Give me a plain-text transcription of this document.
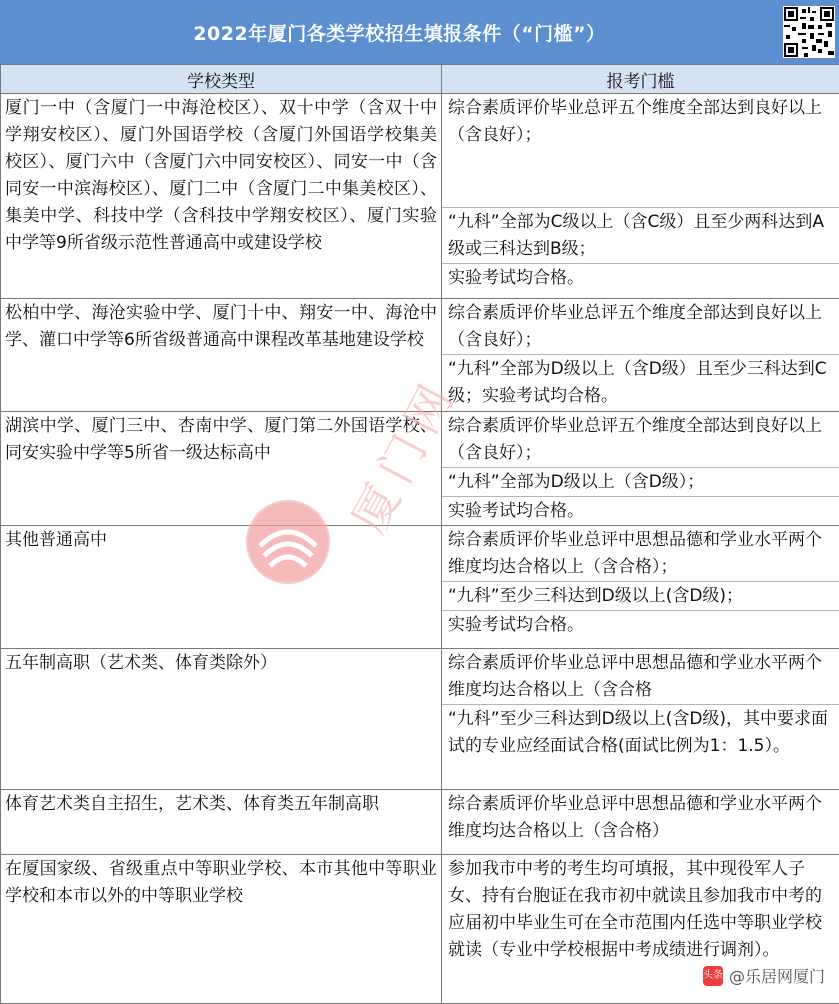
2022年厦门各类学校招生填报条件（“门槛”）
学校类型	报考门槛

厦门一中（含厦门一中海沧校区）、双十中学（含双十中学翔安校区）、厦门外国语学校（含厦门外国语学校集美校区）、厦门六中（含厦门六中同安校区）、同安一中（含同安一中滨海校区）、厦门二中（含厦门二中集美校区）、集美中学、科技中学（含科技中学翔安校区）、厦门实验中学等9所省级示范性普通高中或建设学校	综合素质评价毕业总评五个维度全部达到良好以上（含良好）；
“九科”全部为C级以上（含C级）且至少两科达到A级或三科达到B级；
实验考试均合格。

松柏中学、海沧实验中学、厦门十中、翔安一中、海沧中学、灌口中学等6所省级普通高中课程改革基地建设学校	综合素质评价毕业总评五个维度全部达到良好以上（含良好）；
“九科”全部为D级以上（含D级）且至少三科达到C级；实验考试均合格。

湖滨中学、厦门三中、杏南中学、厦门第二外国语学校、同安实验中学等5所省一级达标高中	综合素质评价毕业总评五个维度全部达到良好以上（含良好）；
“九科”全部为D级以上（含D级）；
实验考试均合格。

其他普通高中	综合素质评价毕业总评中思想品德和学业水平两个维度均达合格以上（含合格）；
“九科”至少三科达到D级以上(含D级)；
实验考试均合格。

五年制高职（艺术类、体育类除外）	综合素质评价毕业总评中思想品德和学业水平两个维度均达合格以上（含合格
“九科”至少三科达到D级以上(含D级)，其中要求面试的专业应经面试合格(面试比例为1：1.5）。

体育艺术类自主招生，艺术类、体育类五年制高职	综合素质评价毕业总评中思想品德和学业水平两个维度均达合格以上（含合格）

在厦国家级、省级重点中等职业学校、本市其他中等职业学校和本市以外的中等职业学校	参加我市中考的考生均可填报，其中现役军人子女、持有台胞证在我市初中就读且参加我市中考的应届初中毕业生可在全市范围内任选中等职业学校就读（专业中学校根据中考成绩进行调剂）。
厦门网
头条 @乐居网厦门
